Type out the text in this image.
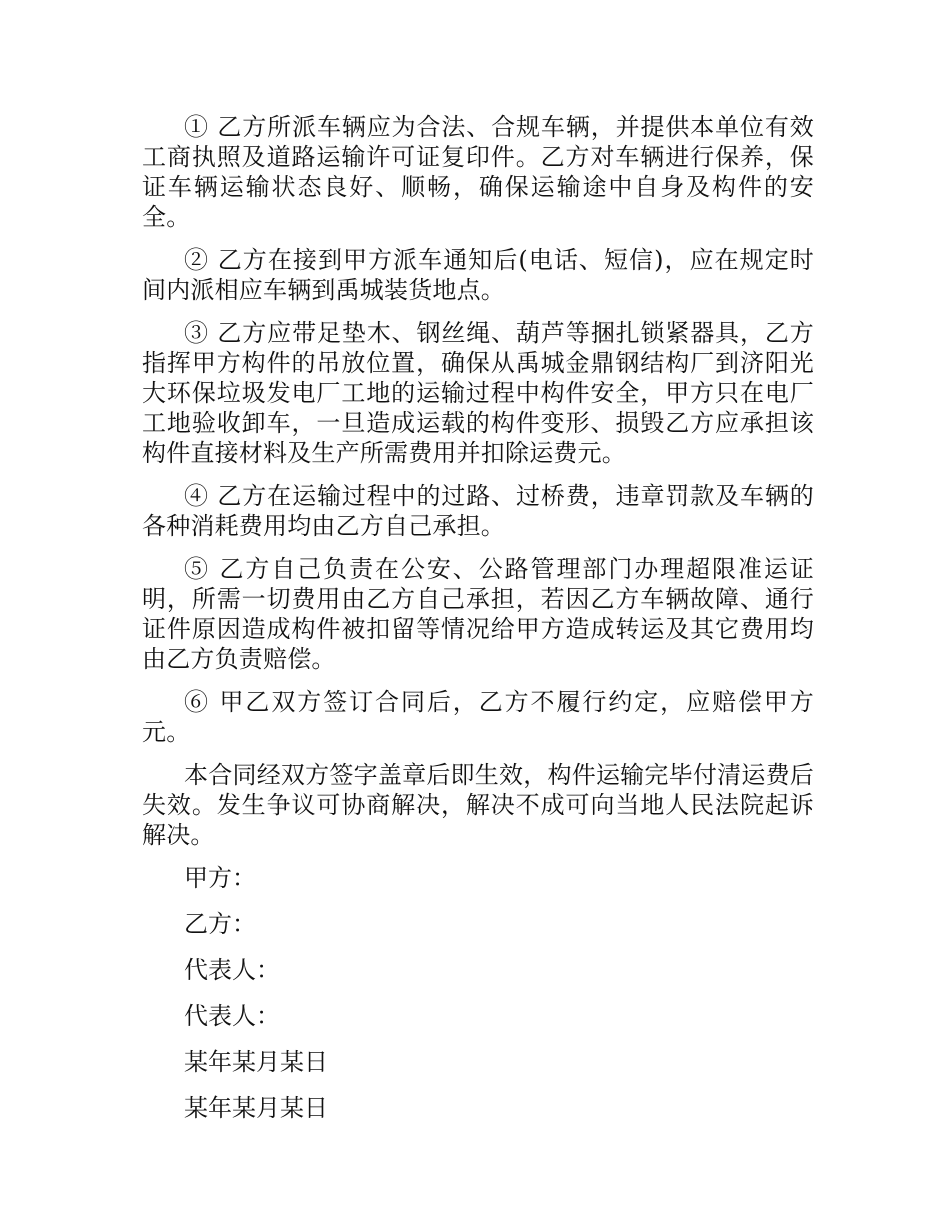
① 乙方所派车辆应为合法、合规车辆，并提供本单位有效工商执照及道路运输许可证复印件。乙方对车辆进行保养，保证车辆运输状态良好、顺畅，确保运输途中自身及构件的安全。

② 乙方在接到甲方派车通知后(电话、短信)，应在规定时间内派相应车辆到禹城装货地点。

③ 乙方应带足垫木、钢丝绳、葫芦等捆扎锁紧器具，乙方指挥甲方构件的吊放位置，确保从禹城金鼎钢结构厂到济阳光大环保垃圾发电厂工地的运输过程中构件安全，甲方只在电厂工地验收卸车，一旦造成运载的构件变形、损毁乙方应承担该构件直接材料及生产所需费用并扣除运费元。

④ 乙方在运输过程中的过路、过桥费，违章罚款及车辆的各种消耗费用均由乙方自己承担。

⑤ 乙方自己负责在公安、公路管理部门办理超限准运证明，所需一切费用由乙方自己承担，若因乙方车辆故障、通行证件原因造成构件被扣留等情况给甲方造成转运及其它费用均由乙方负责赔偿。

⑥ 甲乙双方签订合同后，乙方不履行约定，应赔偿甲方元。

本合同经双方签字盖章后即生效，构件运输完毕付清运费后失效。发生争议可协商解决，解决不成可向当地人民法院起诉解决。

甲方：
乙方：
代表人：
代表人：
某年某月某日
某年某月某日
